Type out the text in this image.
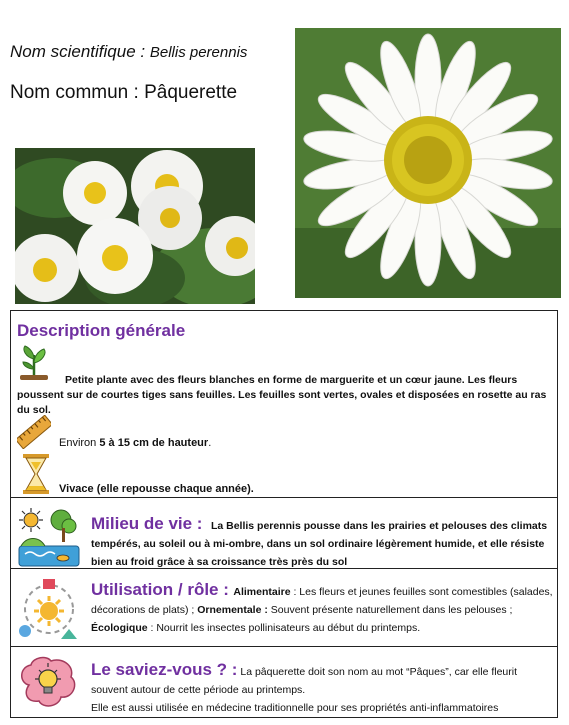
Nom scientifique : Bellis perennis
Nom commun : Pâquerette
Description générale
Petite plante avec des fleurs blanches en forme de marguerite et un cœur jaune. Les fleurs poussent sur de courtes tiges sans feuilles. Les feuilles sont vertes, ovales et disposées en rosette au ras du sol.
Environ 5 à 15 cm de hauteur.
Vivace (elle repousse chaque année).
Milieu de vie : La Bellis perennis pousse dans les prairies et pelouses des climats tempérés, au soleil ou à mi-ombre, dans un sol ordinaire légèrement humide, et elle résiste bien au froid grâce à sa croissance très près du sol
Utilisation / rôle : Alimentaire : Les fleurs et jeunes feuilles sont comestibles (salades, décorations de plats) ; Ornementale : Souvent présente naturellement dans les pelouses ; Écologique : Nourrit les insectes pollinisateurs au début du printemps.
Le saviez-vous ? : La pâquerette doit son nom au mot “Pâques”, car elle fleurit souvent autour de cette période au printemps.
Elle est aussi utilisée en médecine traditionnelle pour ses propriétés anti-inflammatoires
